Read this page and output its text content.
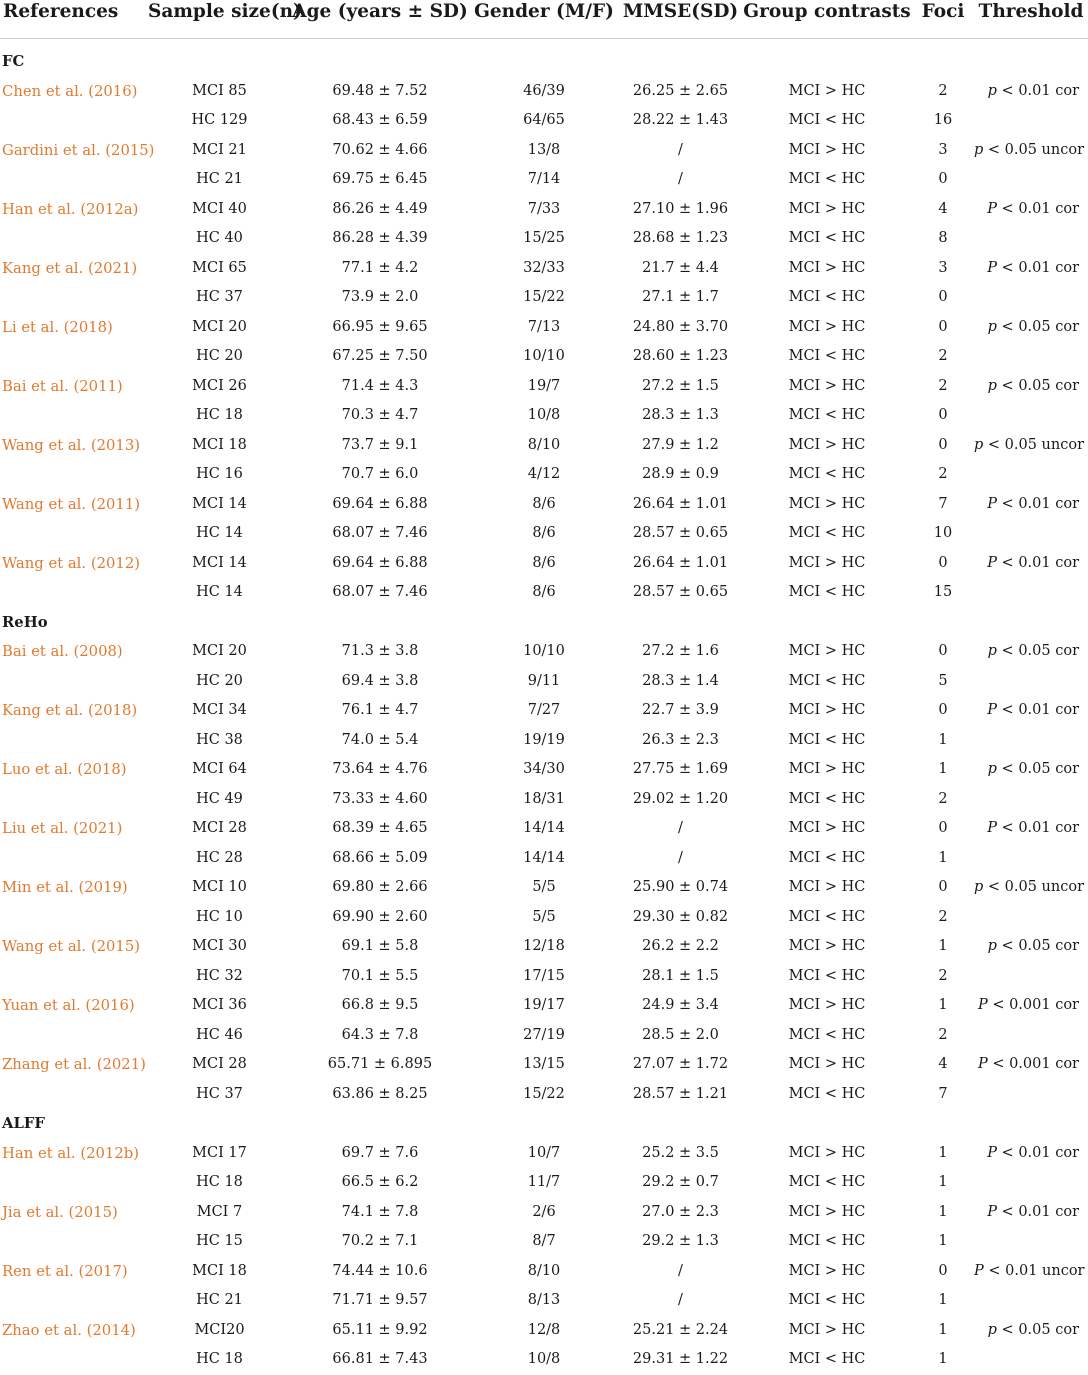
References	Sample size(n)	Age (years ± SD)	Gender (M/F)	MMSE(SD)	Group contrasts	Foci	Threshold
FC							
Chen et al. (2016)	MCI 85	69.48 ± 7.52	46/39	26.25 ± 2.65	MCI > HC	2	p < 0.01 cor
	HC 129	68.43 ± 6.59	64/65	28.22 ± 1.43	MCI < HC	16	
Gardini et al. (2015)	MCI 21	70.62 ± 4.66	13/8	/	MCI > HC	3	p < 0.05 uncor
	HC 21	69.75 ± 6.45	7/14	/	MCI < HC	0	
Han et al. (2012a)	MCI 40	86.26 ± 4.49	7/33	27.10 ± 1.96	MCI > HC	4	P < 0.01 cor
	HC 40	86.28 ± 4.39	15/25	28.68 ± 1.23	MCI < HC	8	
Kang et al. (2021)	MCI 65	77.1 ± 4.2	32/33	21.7 ± 4.4	MCI > HC	3	P < 0.01 cor
	HC 37	73.9 ± 2.0	15/22	27.1 ± 1.7	MCI < HC	0	
Li et al. (2018)	MCI 20	66.95 ± 9.65	7/13	24.80 ± 3.70	MCI > HC	0	p < 0.05 cor
	HC 20	67.25 ± 7.50	10/10	28.60 ± 1.23	MCI < HC	2	
Bai et al. (2011)	MCI 26	71.4 ± 4.3	19/7	27.2 ± 1.5	MCI > HC	2	p < 0.05 cor
	HC 18	70.3 ± 4.7	10/8	28.3 ± 1.3	MCI < HC	0	
Wang et al. (2013)	MCI 18	73.7 ± 9.1	8/10	27.9 ± 1.2	MCI > HC	0	p < 0.05 uncor
	HC 16	70.7 ± 6.0	4/12	28.9 ± 0.9	MCI < HC	2	
Wang et al. (2011)	MCI 14	69.64 ± 6.88	8/6	26.64 ± 1.01	MCI > HC	7	P < 0.01 cor
	HC 14	68.07 ± 7.46	8/6	28.57 ± 0.65	MCI < HC	10	
Wang et al. (2012)	MCI 14	69.64 ± 6.88	8/6	26.64 ± 1.01	MCI > HC	0	P < 0.01 cor
	HC 14	68.07 ± 7.46	8/6	28.57 ± 0.65	MCI < HC	15	
ReHo							
Bai et al. (2008)	MCI 20	71.3 ± 3.8	10/10	27.2 ± 1.6	MCI > HC	0	p < 0.05 cor
	HC 20	69.4 ± 3.8	9/11	28.3 ± 1.4	MCI < HC	5	
Kang et al. (2018)	MCI 34	76.1 ± 4.7	7/27	22.7 ± 3.9	MCI > HC	0	P < 0.01 cor
	HC 38	74.0 ± 5.4	19/19	26.3 ± 2.3	MCI < HC	1	
Luo et al. (2018)	MCI 64	73.64 ± 4.76	34/30	27.75 ± 1.69	MCI > HC	1	p < 0.05 cor
	HC 49	73.33 ± 4.60	18/31	29.02 ± 1.20	MCI < HC	2	
Liu et al. (2021)	MCI 28	68.39 ± 4.65	14/14	/	MCI > HC	0	P < 0.01 cor
	HC 28	68.66 ± 5.09	14/14	/	MCI < HC	1	
Min et al. (2019)	MCI 10	69.80 ± 2.66	5/5	25.90 ± 0.74	MCI > HC	0	p < 0.05 uncor
	HC 10	69.90 ± 2.60	5/5	29.30 ± 0.82	MCI < HC	2	
Wang et al. (2015)	MCI 30	69.1 ± 5.8	12/18	26.2 ± 2.2	MCI > HC	1	p < 0.05 cor
	HC 32	70.1 ± 5.5	17/15	28.1 ± 1.5	MCI < HC	2	
Yuan et al. (2016)	MCI 36	66.8 ± 9.5	19/17	24.9 ± 3.4	MCI > HC	1	P < 0.001 cor
	HC 46	64.3 ± 7.8	27/19	28.5 ± 2.0	MCI < HC	2	
Zhang et al. (2021)	MCI 28	65.71 ± 6.895	13/15	27.07 ± 1.72	MCI > HC	4	P < 0.001 cor
	HC 37	63.86 ± 8.25	15/22	28.57 ± 1.21	MCI < HC	7	
ALFF							
Han et al. (2012b)	MCI 17	69.7 ± 7.6	10/7	25.2 ± 3.5	MCI > HC	1	P < 0.01 cor
	HC 18	66.5 ± 6.2	11/7	29.2 ± 0.7	MCI < HC	1	
Jia et al. (2015)	MCI 7	74.1 ± 7.8	2/6	27.0 ± 2.3	MCI > HC	1	P < 0.01 cor
	HC 15	70.2 ± 7.1	8/7	29.2 ± 1.3	MCI < HC	1	
Ren et al. (2017)	MCI 18	74.44 ± 10.6	8/10	/	MCI > HC	0	P < 0.01 uncor
	HC 21	71.71 ± 9.57	8/13	/	MCI < HC	1	
Zhao et al. (2014)	MCI20	65.11 ± 9.92	12/8	25.21 ± 2.24	MCI > HC	1	p < 0.05 cor
	HC 18	66.81 ± 7.43	10/8	29.31 ± 1.22	MCI < HC	1	
